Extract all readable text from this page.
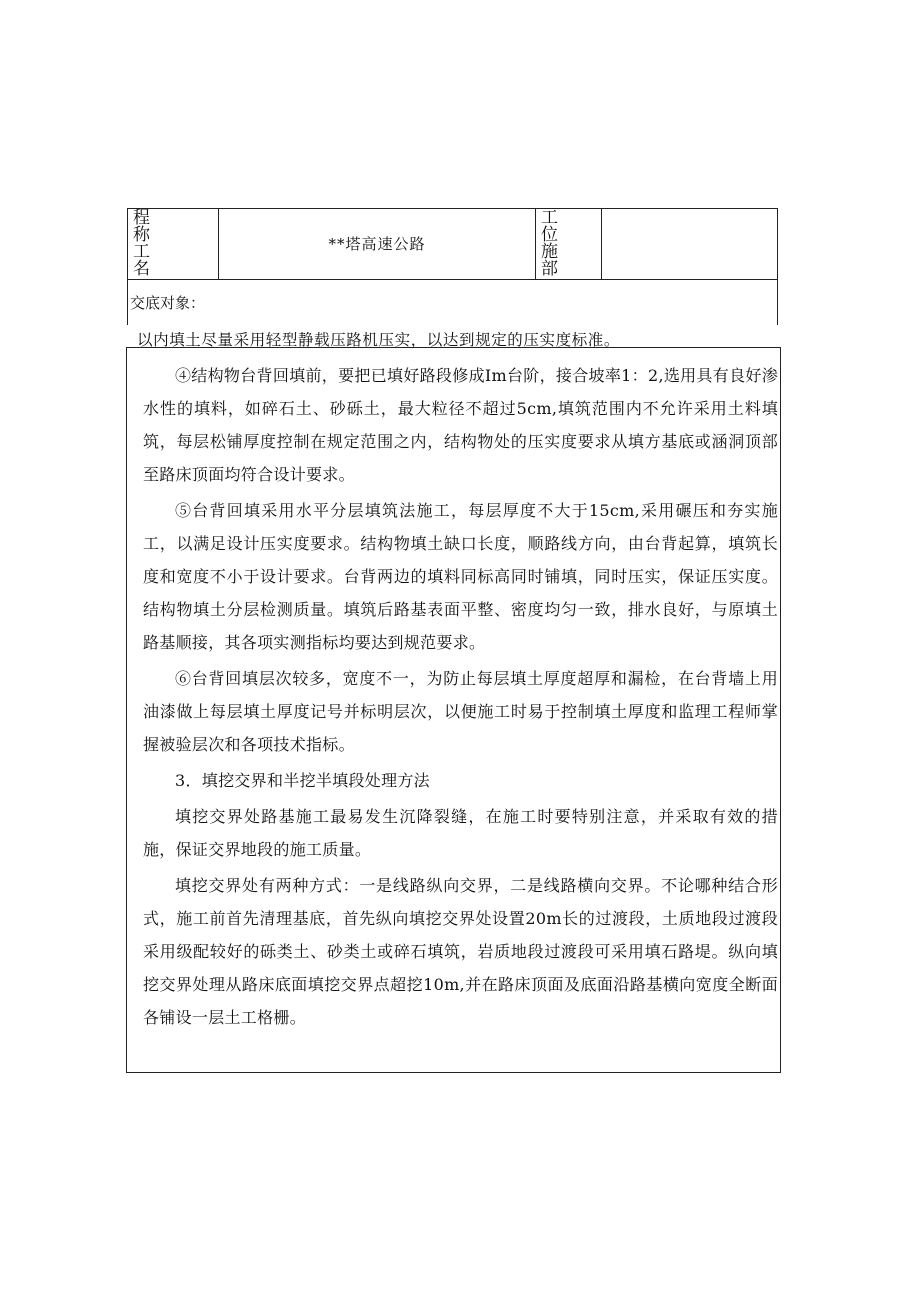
程称工名
**塔高速公路
工位施部
交底对象：
以内填土尽量采用轻型静载压路机压实，以达到规定的压实度标准。

④结构物台背回填前，要把已填好路段修成Im台阶，接合坡率1：2,选用具有良好渗水性的填料，如碎石土、砂砾土，最大粒径不超过5cm,填筑范围内不允许采用土料填筑，每层松铺厚度控制在规定范围之内，结构物处的压实度要求从填方基底或涵洞顶部至路床顶面均符合设计要求。

⑤台背回填采用水平分层填筑法施工，每层厚度不大于15cm,采用碾压和夯实施工，以满足设计压实度要求。结构物填土缺口长度，顺路线方向，由台背起算，填筑长度和宽度不小于设计要求。台背两边的填料同标高同时铺填，同时压实，保证压实度。结构物填土分层检测质量。填筑后路基表面平整、密度均匀一致，排水良好，与原填土路基顺接，其各项实测指标均要达到规范要求。

⑥台背回填层次较多，宽度不一，为防止每层填土厚度超厚和漏检，在台背墙上用油漆做上每层填土厚度记号并标明层次，以便施工时易于控制填土厚度和监理工程师掌握被验层次和各项技术指标。

3．填挖交界和半挖半填段处理方法

填挖交界处路基施工最易发生沉降裂缝，在施工时要特别注意，并采取有效的措施，保证交界地段的施工质量。

填挖交界处有两种方式：一是线路纵向交界，二是线路横向交界。不论哪种结合形式，施工前首先清理基底，首先纵向填挖交界处设置20m长的过渡段，土质地段过渡段采用级配较好的砾类土、砂类土或碎石填筑，岩质地段过渡段可采用填石路堤。纵向填挖交界处理从路床底面填挖交界点超挖10m,并在路床顶面及底面沿路基横向宽度全断面各铺设一层土工格栅。
